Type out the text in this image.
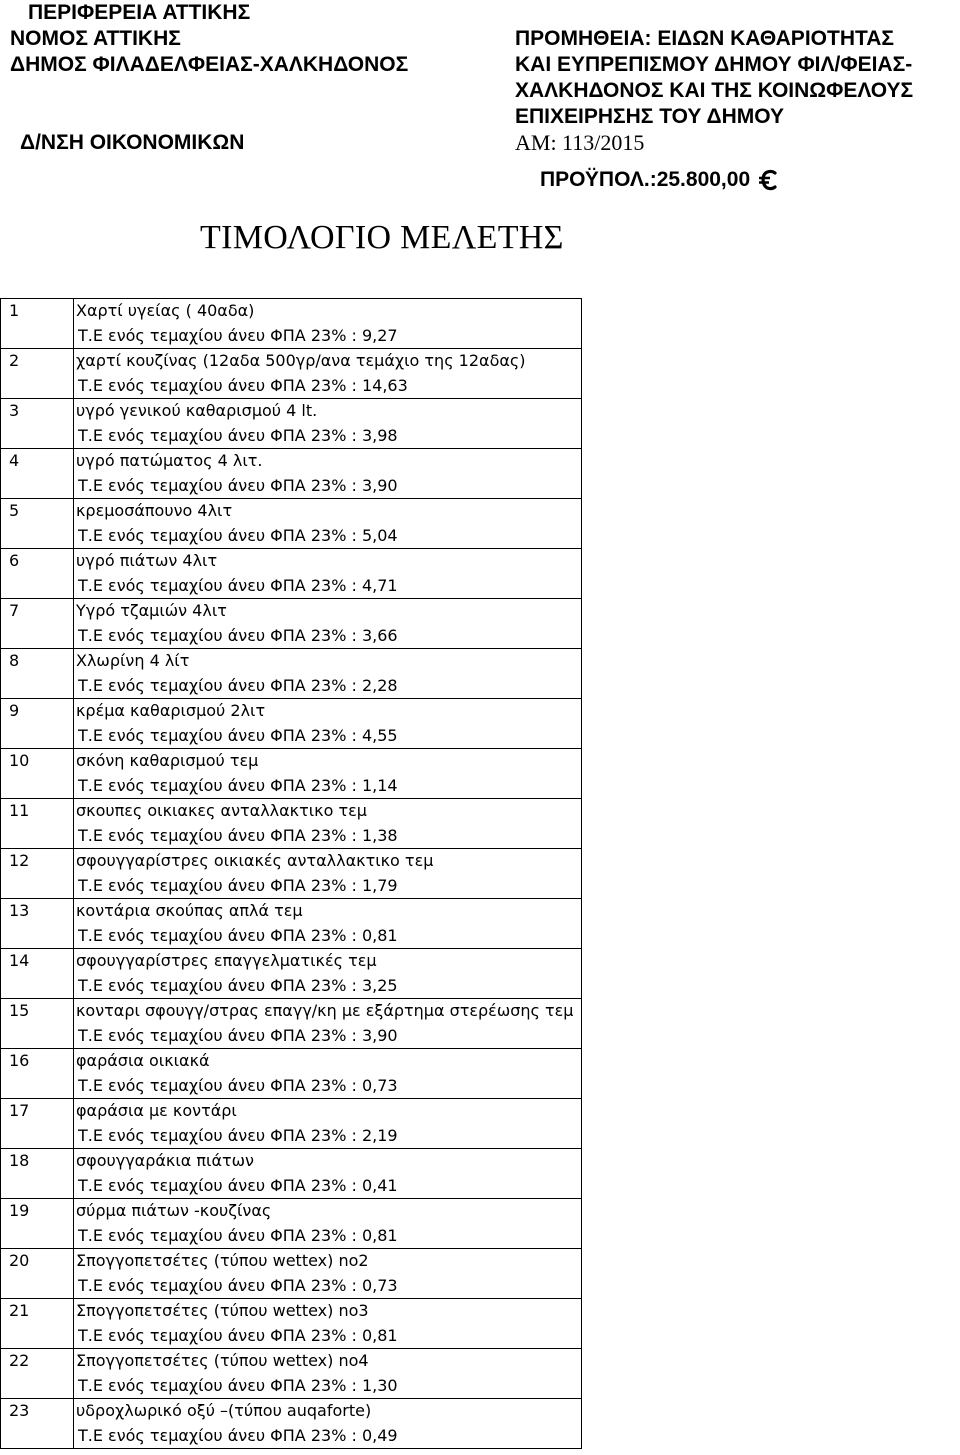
ΠΕΡΙΦΕΡΕΙΑ ΑΤΤΙΚΗΣ
ΝΟΜΟΣ ΑΤΤΙΚΗΣ
ΔΗΜΟΣ ΦΙΛΑΔΕΛΦΕΙΑΣ-ΧΑΛΚΗΔΟΝΟΣ
Δ/ΝΣΗ ΟΙΚΟΝΟΜΙΚΩΝ
ΠΡΟΜΗΘΕΙΑ: ΕΙΔΩΝ ΚΑΘΑΡΙΟΤΗΤΑΣ
ΚΑΙ ΕΥΠΡΕΠΙΣΜΟΥ ΔΗΜΟΥ ΦΙΛ/ΦΕΙΑΣ-
ΧΑΛΚΗΔΟΝΟΣ ΚΑΙ ΤΗΣ ΚΟΙΝΩΦΕΛΟΥΣ
ΕΠΙΧΕΙΡΗΣΗΣ ΤΟΥ ΔΗΜΟΥ
ΑΜ: 113/2015
ΠΡΟΫΠΟΛ.:25.800,00
ΤΙΜΟΛΟΓΙΟ ΜΕΛΕΤΗΣ
1	Χαρτί υγείας ( 40αδα)
Τ.Ε ενός τεμαχίου άνευ ΦΠΑ 23% : 9,27

2	χαρτί κουζίνας (12αδα 500γρ/ανα τεμάχιο της 12αδας)
Τ.Ε ενός τεμαχίου άνευ ΦΠΑ 23% : 14,63

3	υγρό γενικού καθαρισμού 4 lt.
Τ.Ε ενός τεμαχίου άνευ ΦΠΑ 23% : 3,98

4	υγρό πατώματος 4 λιτ.
Τ.Ε ενός τεμαχίου άνευ ΦΠΑ 23% : 3,90

5	κρεμοσάπουνο 4λιτ
Τ.Ε ενός τεμαχίου άνευ ΦΠΑ 23% : 5,04

6	υγρό πιάτων 4λιτ
Τ.Ε ενός τεμαχίου άνευ ΦΠΑ 23% : 4,71

7	Υγρό τζαμιών 4λιτ
Τ.Ε ενός τεμαχίου άνευ ΦΠΑ 23% : 3,66

8	Χλωρίνη 4 λίτ
Τ.Ε ενός τεμαχίου άνευ ΦΠΑ 23% : 2,28

9	κρέμα καθαρισμού 2λιτ
Τ.Ε ενός τεμαχίου άνευ ΦΠΑ 23% : 4,55

10	σκόνη καθαρισμού τεμ
Τ.Ε ενός τεμαχίου άνευ ΦΠΑ 23% : 1,14

11	σκουπες οικιακες ανταλλακτικο τεμ
Τ.Ε ενός τεμαχίου άνευ ΦΠΑ 23% : 1,38

12	σφουγγαρίστρες οικιακές ανταλλακτικο τεμ
Τ.Ε ενός τεμαχίου άνευ ΦΠΑ 23% : 1,79

13	κοντάρια σκούπας απλά τεμ
Τ.Ε ενός τεμαχίου άνευ ΦΠΑ 23% : 0,81

14	σφουγγαρίστρες επαγγελματικές τεμ
Τ.Ε ενός τεμαχίου άνευ ΦΠΑ 23% : 3,25

15	κονταρι σφουγγ/στρας επαγγ/κη με εξάρτημα στερέωσης τεμ
Τ.Ε ενός τεμαχίου άνευ ΦΠΑ 23% : 3,90

16	φαράσια οικιακά
Τ.Ε ενός τεμαχίου άνευ ΦΠΑ 23% : 0,73

17	φαράσια με κοντάρι
Τ.Ε ενός τεμαχίου άνευ ΦΠΑ 23% : 2,19

18	σφουγγαράκια πιάτων
Τ.Ε ενός τεμαχίου άνευ ΦΠΑ 23% : 0,41

19	σύρμα πιάτων -κουζίνας
Τ.Ε ενός τεμαχίου άνευ ΦΠΑ 23% : 0,81

20	Σπογγοπετσέτες (τύπου wettex) no2
Τ.Ε ενός τεμαχίου άνευ ΦΠΑ 23% : 0,73

21	Σπογγοπετσέτες (τύπου wettex) no3
Τ.Ε ενός τεμαχίου άνευ ΦΠΑ 23% : 0,81

22	Σπογγοπετσέτες (τύπου wettex) no4
Τ.Ε ενός τεμαχίου άνευ ΦΠΑ 23% : 1,30

23	υδροχλωρικό οξύ –(τύπου auqaforte)
Τ.Ε ενός τεμαχίου άνευ ΦΠΑ 23% : 0,49
